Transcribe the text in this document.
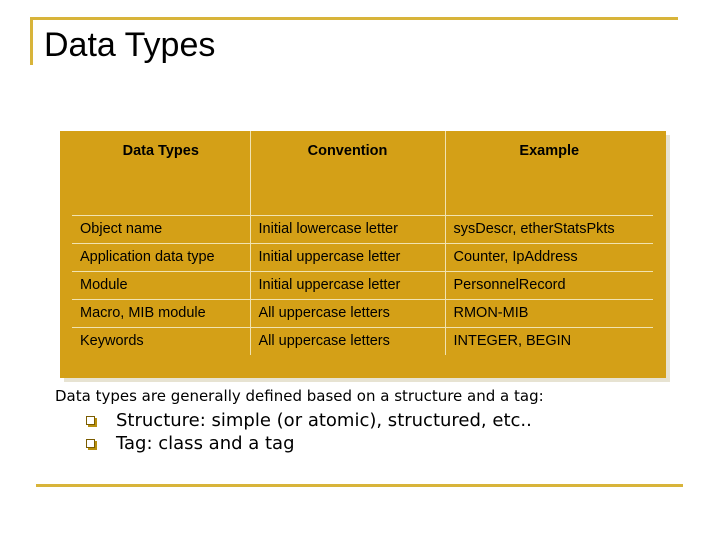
Data Types
Data Types	Convention	Example
Object name	Initial lowercase letter	sysDescr, etherStatsPkts
Application data type	Initial uppercase letter	Counter, IpAddress
Module	Initial uppercase letter	PersonnelRecord
Macro, MIB module	All uppercase letters	RMON-MIB
Keywords	All uppercase letters	INTEGER, BEGIN
Data types are generally defined based on a structure and a tag:
Structure: simple (or atomic), structured, etc..
Tag: class and a tag
